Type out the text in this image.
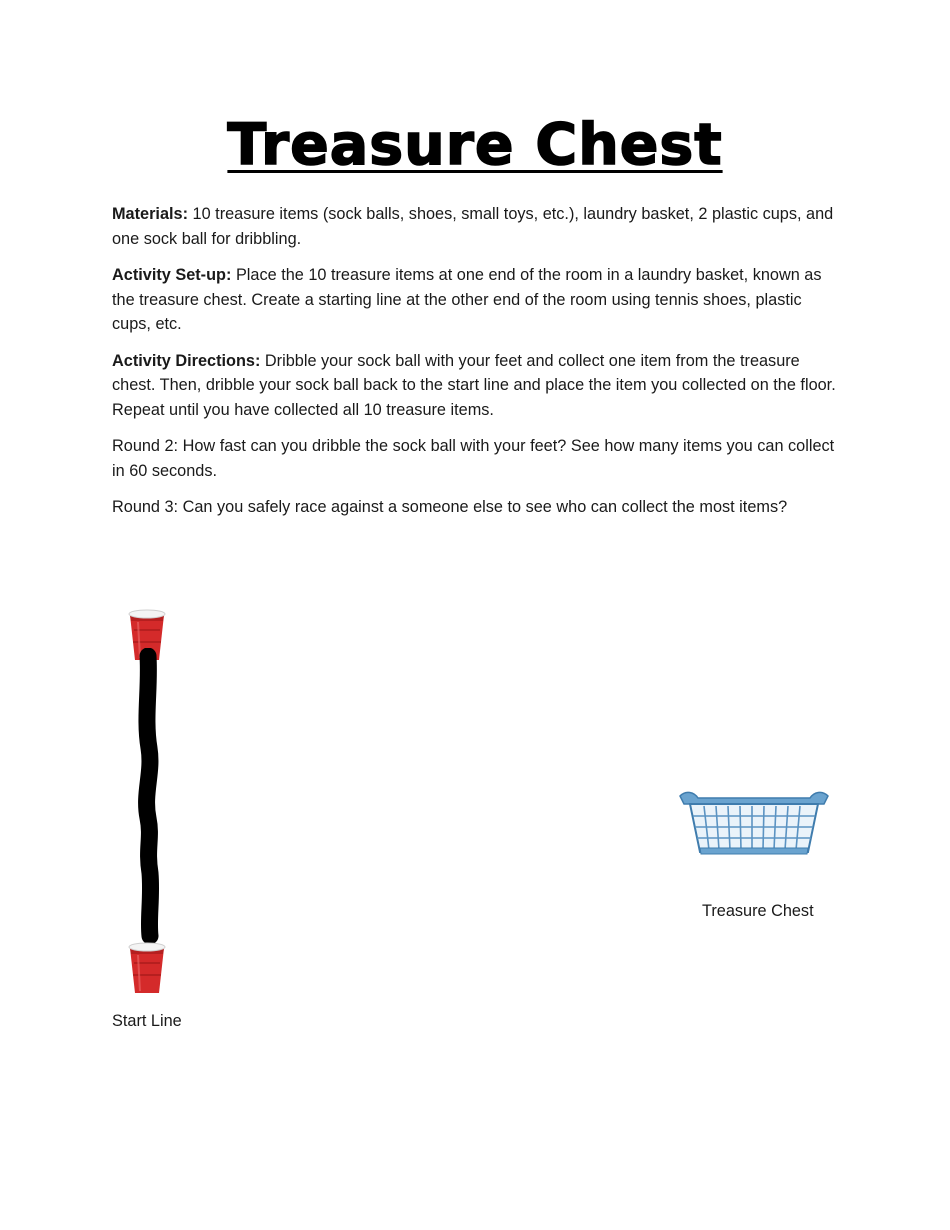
Treasure Chest

Materials: 10 treasure items (sock balls, shoes, small toys, etc.), laundry basket, 2 plastic cups, and one sock ball for dribbling.

Activity Set-up: Place the 10 treasure items at one end of the room in a laundry basket, known as the treasure chest. Create a starting line at the other end of the room using tennis shoes, plastic cups, etc.

Activity Directions: Dribble your sock ball with your feet and collect one item from the treasure chest. Then, dribble your sock ball back to the start line and place the item you collected on the floor. Repeat until you have collected all 10 treasure items.

Round 2: How fast can you dribble the sock ball with your feet? See how many items you can collect in 60 seconds.

Round 3: Can you safely race against a someone else to see who can collect the most items?

Start Line
Treasure Chest
